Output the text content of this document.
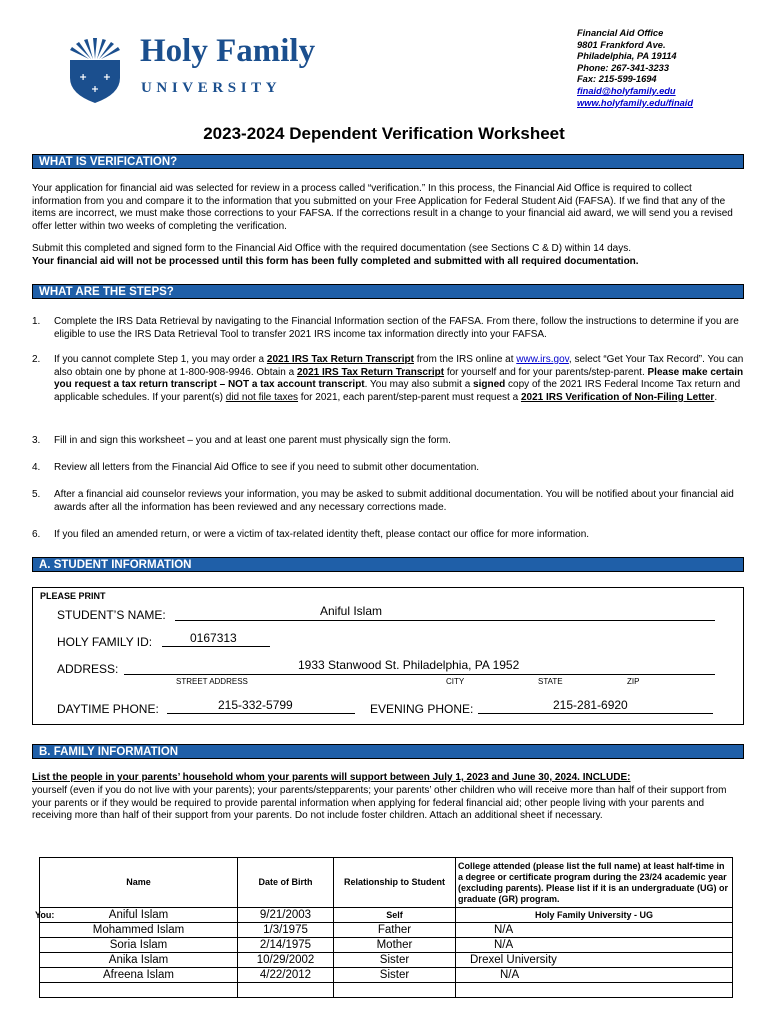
Holy Family
UNIVERSITY
Financial Aid Office
9801 Frankford Ave.
Philadelphia, PA 19114
Phone: 267-341-3233
Fax: 215-599-1694
finaid@holyfamily.edu
www.holyfamily.edu/finaid
2023-2024 Dependent Verification Worksheet
WHAT IS VERIFICATION?
Your application for financial aid was selected for review in a process called “verification.” In this process, the Financial Aid Office is required to collect information from you and compare it to the information that you submitted on your Free Application for Federal Student Aid (FAFSA). If we find that any of the items are incorrect, we must make those corrections to your FAFSA. If the corrections result in a change to your financial aid award, we will send you a revised offer letter within two weeks of completing the verification.
Submit this completed and signed form to the Financial Aid Office with the required documentation (see Sections C & D) within 14 days.
Your financial aid will not be processed until this form has been fully completed and submitted with all required documentation.
WHAT ARE THE STEPS?
1. Complete the IRS Data Retrieval by navigating to the Financial Information section of the FAFSA. From there, follow the instructions to determine if you are eligible to use the IRS Data Retrieval Tool to transfer 2021 IRS income tax information directly into your FAFSA.
2. If you cannot complete Step 1, you may order a 2021 IRS Tax Return Transcript from the IRS online at www.irs.gov, select “Get Your Tax Record”. You can also obtain one by phone at 1-800-908-9946. Obtain a 2021 IRS Tax Return Transcript for yourself and for your parents/step-parent. Please make certain you request a tax return transcript – NOT a tax account transcript. You may also submit a signed copy of the 2021 IRS Federal Income Tax return and applicable schedules. If your parent(s) did not file taxes for 2021, each parent/step-parent must request a 2021 IRS Verification of Non-Filing Letter.
3. Fill in and sign this worksheet – you and at least one parent must physically sign the form.
4. Review all letters from the Financial Aid Office to see if you need to submit other documentation.
5. After a financial aid counselor reviews your information, you may be asked to submit additional documentation. You will be notified about your financial aid awards after all the information has been reviewed and any necessary corrections made.
6. If you filed an amended return, or were a victim of tax-related identity theft, please contact our office for more information.
A. STUDENT INFORMATION
PLEASE PRINT
STUDENT’S NAME:	Aniful Islam
HOLY FAMILY ID:	0167313
ADDRESS:	1933 Stanwood St. Philadelphia, PA 1952
STREET ADDRESS	CITY	STATE	ZIP
DAYTIME PHONE:	215-332-5799	EVENING PHONE:	215-281-6920
B. FAMILY INFORMATION
List the people in your parents’ household whom your parents will support between July 1, 2023 and June 30, 2024. INCLUDE:
yourself (even if you do not live with your parents); your parents/stepparents; your parents’ other children who will receive more than half of their support from your parents or if they would be required to provide parental information when applying for federal financial aid; other people living with your parents and receiving more than half of their support from your parents. Do not include foster children. Attach an additional sheet if necessary.
Name	Date of Birth	Relationship to Student	College attended (please list the full name) at least half-time in a degree or certificate program during the 23/24 academic year (excluding parents). Please list if it is an undergraduate (UG) or graduate (GR) program.

You: Aniful Islam	9/21/2003	Self	Holy Family University - UG
Mohammed Islam	1/3/1975	Father	N/A
Soria Islam	2/14/1975	Mother	N/A
Anika Islam	10/29/2002	Sister	Drexel University
Afreena Islam	4/22/2012	Sister	N/A
